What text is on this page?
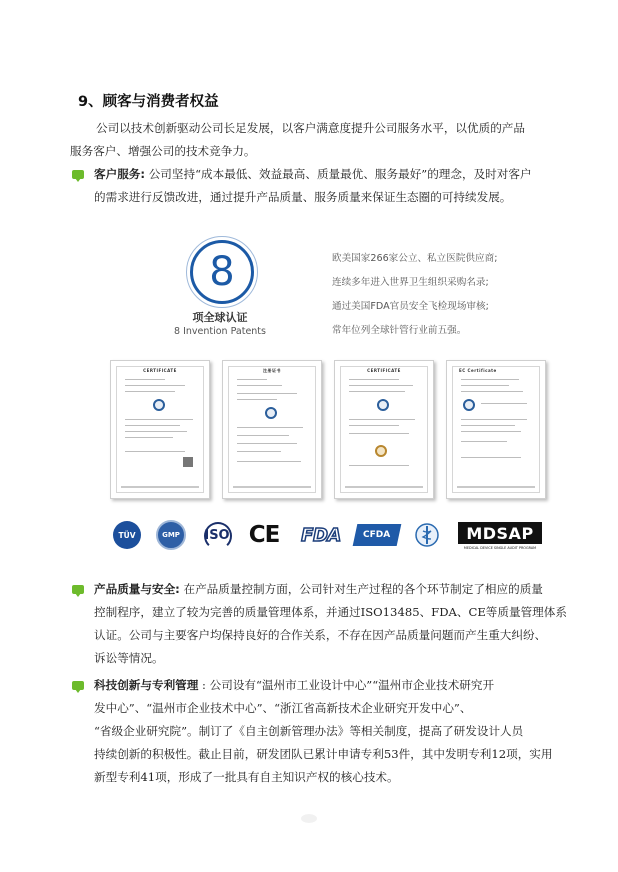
9、顾客与消费者权益
公司以技术创新驱动公司长足发展，以客户满意度提升公司服务水平，以优质的产品
服务客户、增强公司的技术竞争力。
客户服务: 公司坚持“成本最低、效益最高、质量最优、服务最好”的理念，及时对客户
的需求进行反馈改进，通过提升产品质量、服务质量来保证生态圈的可持续发展。
8
项全球认证
8 Invention Patents
欧美国家266家公立、私立医院供应商;
连续多年进入世界卫生组织采购名录;
通过美国FDA官员安全飞检现场审核;
常年位列全球针管行业前五强。
CERTIFICATE	注册证书	CERTIFICATE	EC Certificate
TÜV	GMP ISO CE FDA	CFDA	MDSAP
MEDICAL DEVICE SINGLE AUDIT PROGRAM
产品质量与安全: 在产品质量控制方面，公司针对生产过程的各个环节制定了相应的质量
控制程序，建立了较为完善的质量管理体系，并通过ISO13485、FDA、CE等质量管理体系
认证。公司与主要客户均保持良好的合作关系，不存在因产品质量问题而产生重大纠纷、
诉讼等情况。
科技创新与专利管理 : 公司设有“温州市工业设计中心”“温州市企业技术研究开
发中心”、“温州市企业技术中心”、“浙江省高新技术企业研究开发中心”、
“省级企业研究院”。制订了《自主创新管理办法》等相关制度，提高了研发设计人员
持续创新的积极性。截止目前，研发团队已累计申请专利53件，其中发明专利12项，实用
新型专利41项，形成了一批具有自主知识产权的核心技术。
